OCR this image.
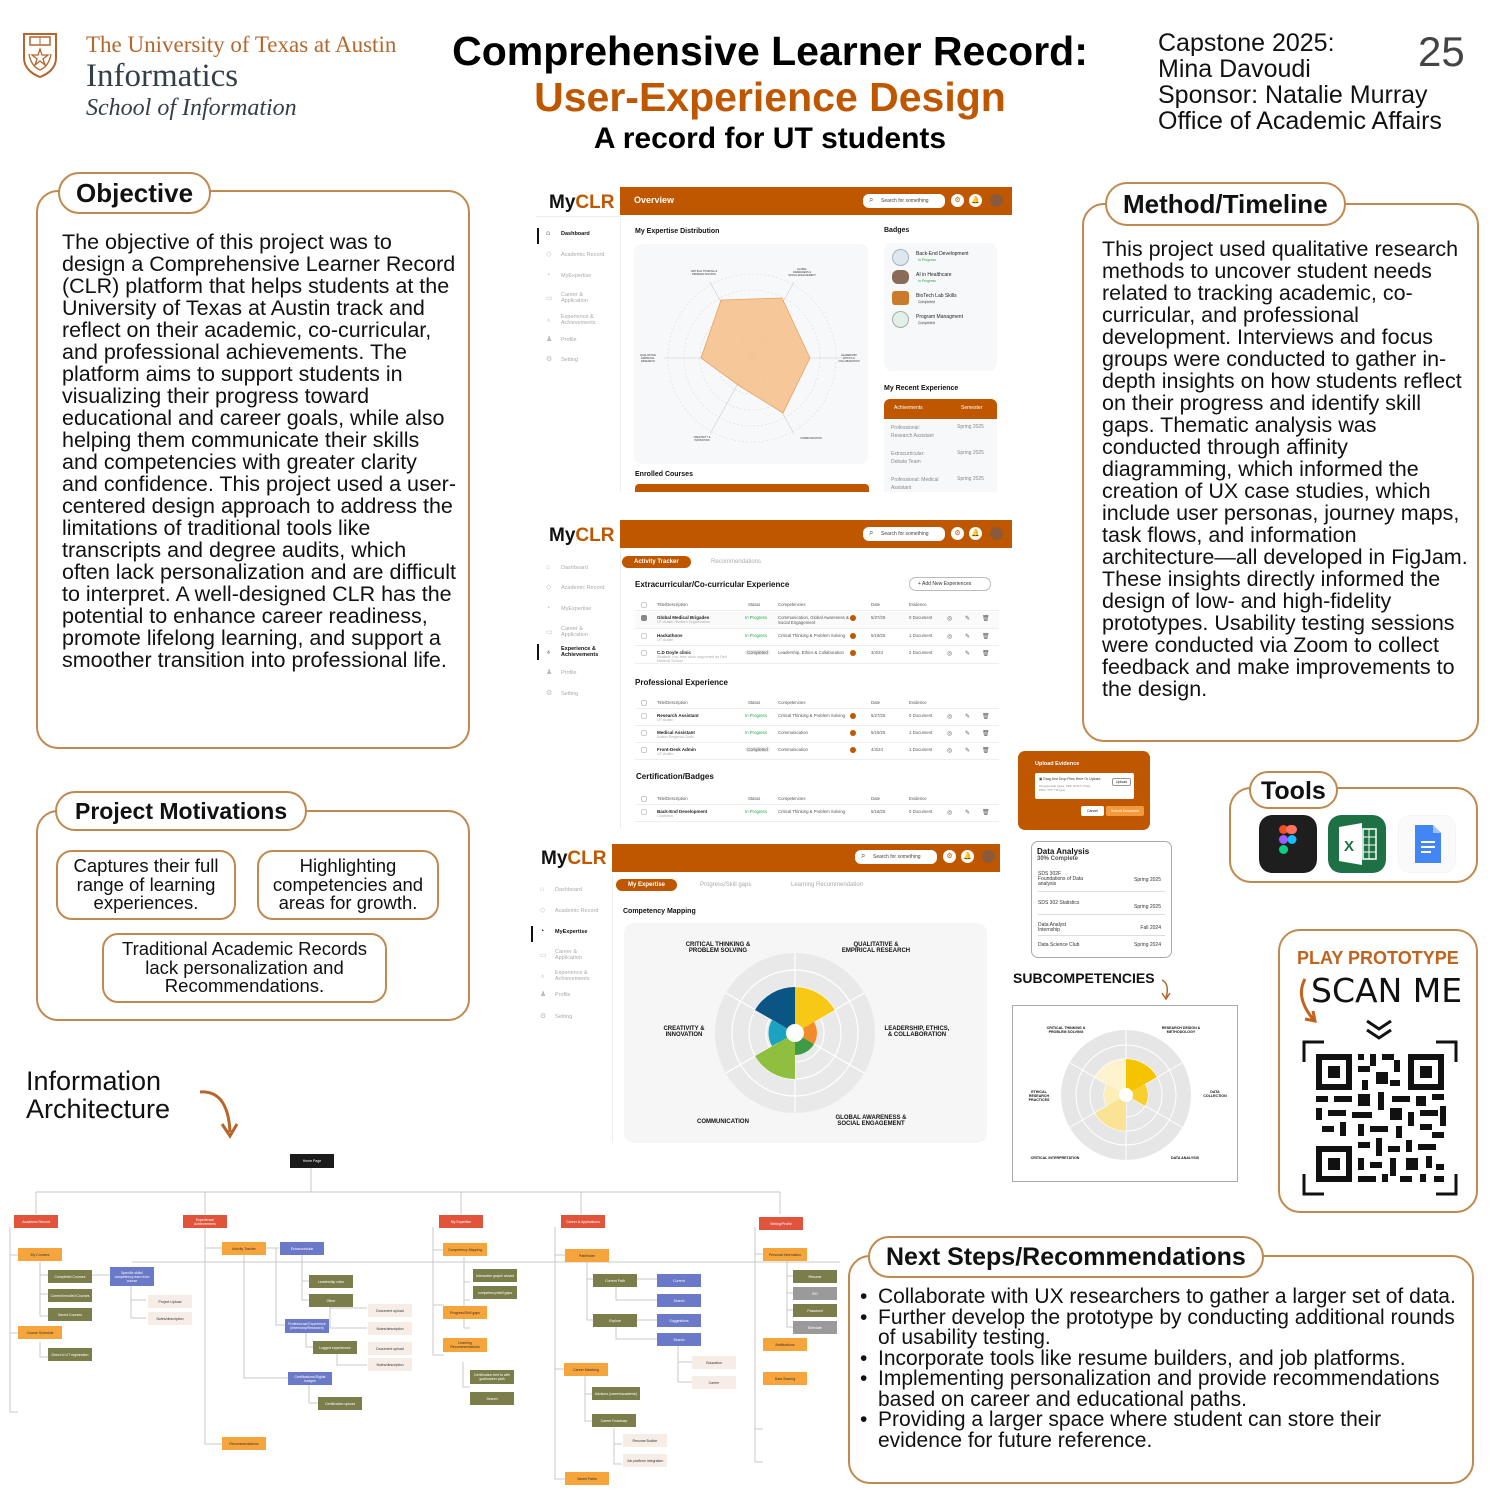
The University of Texas at Austin
Informatics
School of Information
Comprehensive Learner Record:
User-Experience Design
A record for UT students
Capstone 2025:
Mina Davoudi
Sponsor: Natalie Murray
Office of Academic Affairs
25
Objective
The objective of this project was to design a Comprehensive Learner Record (CLR) platform that helps students at the University of Texas at Austin track and reflect on their academic, co-curricular, and professional achievements. The platform aims to support students in visualizing their progress toward educational and career goals, while also helping them communicate their skills and competencies with greater clarity and confidence. This project used a user-centered design approach to address the limitations of traditional tools like transcripts and degree audits, which often lack personalization and are difficult to interpret. A well-designed CLR has the potential to enhance career readiness, promote lifelong learning, and support a smoother transition into professional life.
Project Motivations
Captures their full range of learning experiences.
Highlighting competencies and areas for growth.
Traditional Academic Records lack personalization and Recommendations.
Information Architecture
Home Page
Academic Record
My Courses
Completed Courses
Current/enrolled Courses
Saved Courses
Specific skills/ competency earn from course
Project Upload
Notes/description
Course Schedule
Direct to UT registration
Experience/ Achievements
Activity Tracker	Extracurricular
Leadership roles
Other
Document upload
Notes/description
Professional Experience (Internship/Research)
Logged experiences	Document upload
Notes/description
Certifications/Digital badges
Certification upload
Recommendations
My Expertise
Competency Mapping
Interactive graph/ wizard
competency/skill gaps
Progress/Skill gaps
Learning Recommendations
Certification tied to with goal/career path
Search
Career & Applications
Pathfinder
Current Path	Current
Search
Explore	Suggestions
Search
Education
Career
Career Matching
Advisors (career/academic)
Career Roadmap
Resume Builder
Job platform integration
Saved Paths
Setting/Profile
Personal Information
Resume
EID
Password
Birthdate
Notifications
Data Sharing
MyCLR Overview	⌕ Search for something	⚙	🔔
⌂	Dashboard
◇ Academic Record
◔	MyExpertise
▭ Career & Application
♁	Experience & Achievements
♟ Profile
⚙ Setting
My Expertise Distribution
CRITICAL THINKING &
PROBLEM SOLVING
GLOBAL
AWARENESS &
SOCIAL ENGAGEMENT
LEADERSHIP
ETHICS &
COLLABORATION
COMMUNICATION
CREATIVITY &
INNOVATION
QUALITATIVE
EMPIRICAL
RESEARCH
Enrolled Courses
Badges
Back-End Development
In Progress
AI in Healthcare
In Progress
BioTech Lab Skills
Completed
Program Managment
Completed
My Recent Experience
Achivements	Semester
Professional: Research Assistant
Spring 2025
Extracurricular: Debate Team
Spring 2025
Professional: Medical Assistant
Spring 2025
MyCLR	⌕ Search for something	⚙	🔔
⌂	Dashboard
◇ Academic Record
◔	MyExpertise
▭ Career & Application
♁	Experience & Achievements
♟ Profile
⚙ Setting
Activity Tracker	Recommendations
+ Add New Experiences
Extracurricular/Co-curricular Experience
Title/Description	Status	Competencies	Date	Evidence
Global Medical Brigades
UT Austin Student Organization
In Progress	Communication, Global Awareness & Social Engagement
5/27/25	0 Document ◎ ✎ 🗑
Hackathons
UT Austin
In Progress	Critical Thinking & Problem Solving	5/19/25	1 Document ◎ ✎ 🗑
C.D Doyle clinic
Student- run, free clinic supported by Dell Medical School
Completed	Leadership, Ethics & Collaboration	3/4/24	2 Document ◎ ✎ 🗑
Professional Experience
Title/Description	Status	Competencies	Date	Evidence
Research Assistant
UT Austin
In Progress	Critical Thinking & Problem Solving	5/27/25	0 Document ◎ ✎ 🗑
Medical Assistant
Austin Regional Clinic
In Progress	Communication	5/19/25	1 Document ◎ ✎ 🗑
Front-Desk Admin
UT Austin
Completed	Communication	4/4/24	1 Document ◎ ✎ 🗑
Certification/Badges
Title/Description	Status	Competencies	Date	Evidence
Back-End Development
Coursera
In Progress	Critical Thinking & Problem Solving	5/16/25	0 Document ◎ ✎ 🗑
MyCLR	⌕ Search for something	⚙	🔔
⌂	Dashboard
◇ Academic Record
◔	MyExpertise
▭ Career & Application
♁	Experience & Achievements
♟ Profile
⚙ Setting
My Expertise	Progress/Skill gaps	Learning Recommendation
Competency Mapping
CRITICAL THINKING &
PROBLEM SOLVING
QUALITATIVE &
EMPIRICAL RESEARCH
CREATIVITY &
INNOVATION
LEADERSHIP, ETHICS,
& COLLABORATION
COMMUNICATION
GLOBAL AWARENESS &
SOCIAL ENGAGEMENT
Upload Evidence
▣ Drag And Drop Files Here Or Upload
Accepted file types: PDF, DOCX, PNG, PNG, TXT, TIF (jpe)
Upload
Cancel	Submit Document
Data Analysis
30% Complete
SDS 302F Foundations of Data analysis
Spring 2025
SDS 302 Statistics
Spring 2025
Data Analyst Internship	Fall 2024
Data Science Club	Spring 2024
SUBCOMPETENCIES
CRITICAL THINKING &
PROBLEM SOLVING
RESEARCH DESIGN &
METHODOLOGY
ETHICAL
RESEARCH
PRACTICES
DATA
COLLECTION
CRITICAL INTERPRETATION	DATA ANALYSIS
Method/Timeline
This project used qualitative research methods to uncover student needs related to tracking academic, co-curricular, and professional development. Interviews and focus groups were conducted to gather in-depth insights on how students reflect on their progress and identify skill gaps. Thematic analysis was conducted through affinity diagramming, which informed the creation of UX case studies, which include user personas, journey maps, task flows, and information architecture—all developed in FigJam. These insights directly informed the design of low- and high-fidelity prototypes. Usability testing sessions were conducted via Zoom to collect feedback and make improvements to the design.
Tools
X
PLAY PROTOTYPE
SCAN ME
Next Steps/Recommendations
• Collaborate with UX researchers to gather a larger set of data.
• Further develop the prototype by conducting additional rounds of usability testing.
• Incorporate tools like resume builders, and job platforms.
• Implementing personalization and provide recommendations based on career and educational paths.
• Providing a larger space where student can store their evidence for future reference.
